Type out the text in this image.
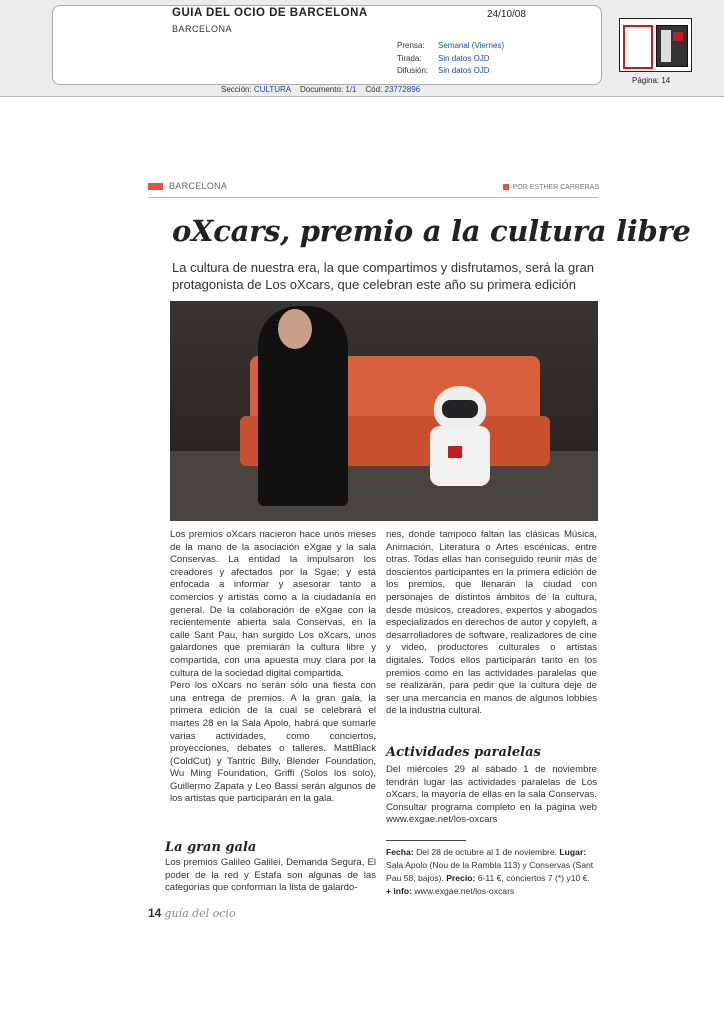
GUIA DEL OCIO DE BARCELONA
BARCELONA
24/10/08
Prensa: Semanal (Viernes)
Tirada: Sin datos OJD
Difusión: Sin datos OJD
Página: 14
Sección: CULTURA Documento: 1/1 Cód: 23772896
BARCELONA	POR ESTHER CARRERAS
oXcars, premio a la cultura libre
La cultura de nuestra era, la que compartimos y disfrutamos, será la gran protagonista de Los oXcars, que celebran este año su primera edición

Los premios oXcars nacieron hace unos meses de la mano de la asociación eXgae y la sala Conservas. La entidad la impulsaron los creadores y afectados por la Sgae; y está enfocada a informar y asesorar tanto a comercios y artistas como a la ciudadanía en general. De la colaboración de eXgae con la recientemente abierta sala Conservas, en la calle Sant Pau, han surgido Los oXcars, unos galardones que premiarán la cultura libre y compartida, con una apuesta muy clara por la cultura de la sociedad digital compartida.

Pero los oXcars no serán sólo una fiesta con una entrega de premios. A la gran gala, la primera edición de la cual se celebrará el martes 28 en la Sala Apolo, habrá que sumarle varias actividades, como conciertos, proyecciones, debates o talleres. MattBlack (ColdCut) y Tantric Billy, Blender Foundation, Wu Ming Foundation, Griffi (Solos los solo), Guillermo Zapata y Leo Bassi serán algunos de los artistas que participarán en la gala.

La gran gala

Los premios Galileo Galilei, Demanda Segura, El poder de la red y Estafa son algunas de las categorías que conforman la lista de galardo-

nes, donde tampoco faltan las clásicas Música, Animación, Literatura o Artes escénicas, entre otras. Todas ellas han conseguido reunir más de doscientos participantes en la primera edición de los premios, que llenarán la ciudad con personajes de distintos ámbitos de la cultura, desde músicos, creadores, expertos y abogados especializados en derechos de autor y copyleft, a desarrolladores de software, realizadores de cine y video, productores culturales o artistas digitales. Todos ellos participarán tanto en los premios como en las actividades paralelas que se realizarán, para pedir que la cultura deje de ser una mercancía en manos de algunos lobbies de la industria cultural.

Actividades paralelas

Del miércoles 29 al sábado 1 de noviembre tendrán lugar las actividades paralelas de Los oXcars, la mayoría de ellas en la sala Conservas. Consultar programa completo en la página web www.exgae.net/los-oxcars

Fecha: Del 28 de octubre al 1 de noviembre. Lugar: Sala Apolo (Nou de la Rambla 113) y Conservas (Sant Pau 58, bajos). Precio: 6-11 €, conciertos 7 (*) y10 €. + info: www.exgae.net/los-oxcars
14 guía del ocio
